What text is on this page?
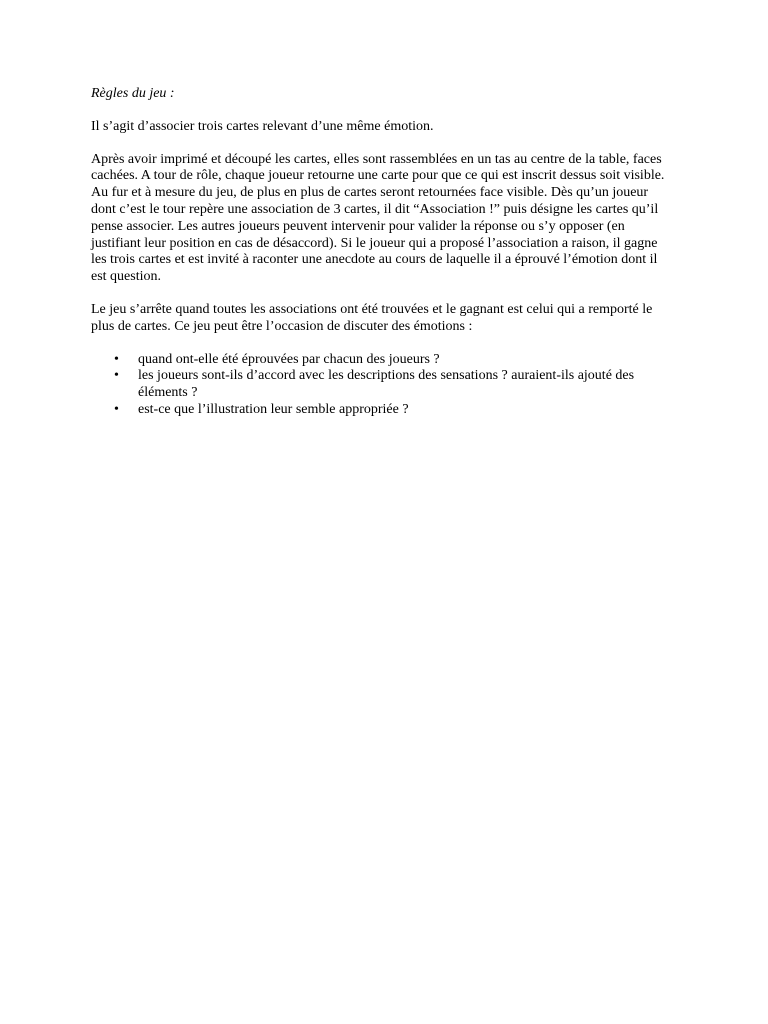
Règles du jeu :

Il s’agit d’associer trois cartes relevant d’une même émotion.

Après avoir imprimé et découpé les cartes, elles sont rassemblées en un tas au centre de la table, faces cachées. A tour de rôle, chaque joueur retourne une carte pour que ce qui est inscrit dessus soit visible. Au fur et à mesure du jeu, de plus en plus de cartes seront retournées face visible. Dès qu’un joueur dont c’est le tour repère une association de 3 cartes, il dit “Association !” puis désigne les cartes qu’il pense associer. Les autres joueurs peuvent intervenir pour valider la réponse ou s’y opposer (en justifiant leur position en cas de désaccord). Si le joueur qui a proposé l’association a raison, il gagne les trois cartes et est invité à raconter une anecdote au cours de laquelle il a éprouvé l’émotion dont il est question.

Le jeu s’arrête quand toutes les associations ont été trouvées et le gagnant est celui qui a remporté le plus de cartes. Ce jeu peut être l’occasion de discuter des émotions :

• quand ont-elle été éprouvées par chacun des joueurs ?
• les joueurs sont-ils d’accord avec les descriptions des sensations ? auraient-ils ajouté des éléments ?
• est-ce que l’illustration leur semble appropriée ?
